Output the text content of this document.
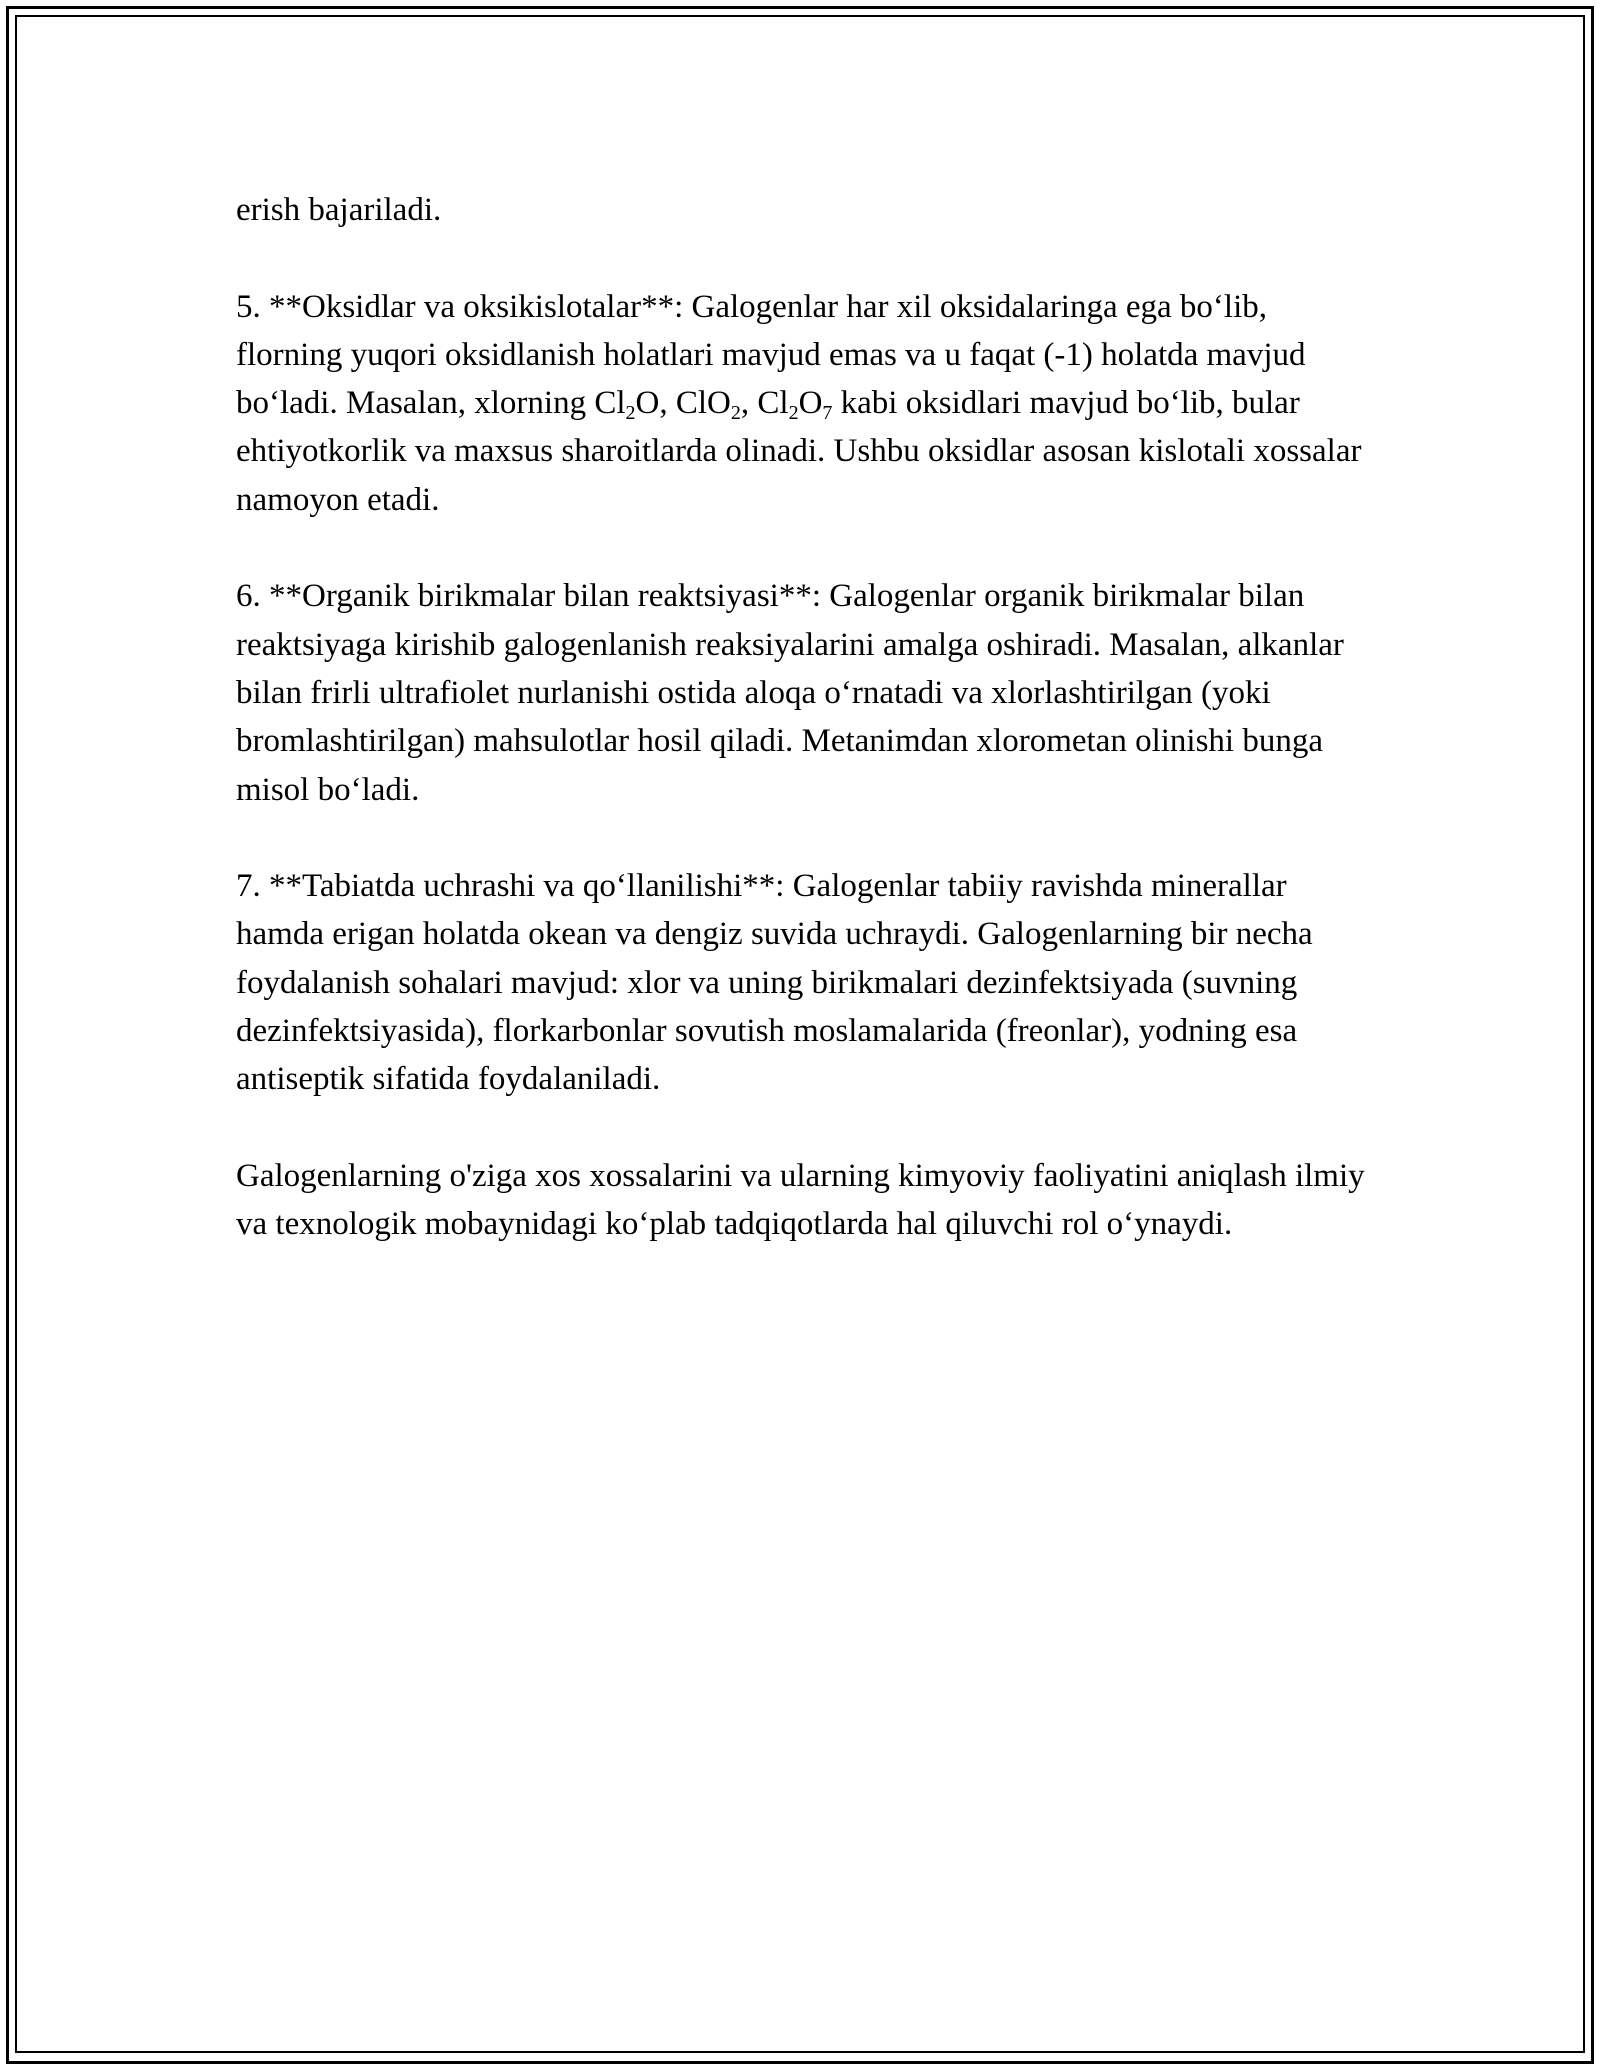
erish bajariladi.

5. **Oksidlar va oksikislotalar**: Galogenlar har xil oksidalaringa ega bo‘lib, florning yuqori oksidlanish holatlari mavjud emas va u faqat (-1) holatda mavjud bo‘ladi. Masalan, xlorning $Cl_2O$, ClO$_2$, $Cl_2O_7$ kabi oksidlari mavjud bo‘lib, bular ehtiyotkorlik va maxsus sharoitlarda olinadi. Ushbu oksidlar asosan kislotali xossalar namoyon etadi.

6. **Organik birikmalar bilan reaktsiyasi**: Galogenlar organik birikmalar bilan reaktsiyaga kirishib galogenlanish reaksiyalarini amalga oshiradi. Masalan, alkanlar bilan frirli ultrafiolet nurlanishi ostida aloqa o‘rnatadi va xlorlashtirilgan (yoki bromlashtirilgan) mahsulotlar hosil qiladi. Metanimdan xlorometan olinishi bunga misol bo‘ladi.

7. **Tabiatda uchrashi va qo‘llanilishi**: Galogenlar tabiiy ravishda minerallar hamda erigan holatda okean va dengiz suvida uchraydi. Galogenlarning bir necha foydalanish sohalari mavjud: xlor va uning birikmalari dezinfektsiyada (suvning dezinfektsiyasida), florkarbonlar sovutish moslamalarida (freonlar), yodning esa antiseptik sifatida foydalaniladi.

Galogenlarning o'ziga xos xossalarini va ularning kimyoviy faoliyatini aniqlash ilmiy va texnologik mobaynidagi ko‘plab tadqiqotlarda hal qiluvchi rol o‘ynaydi.
